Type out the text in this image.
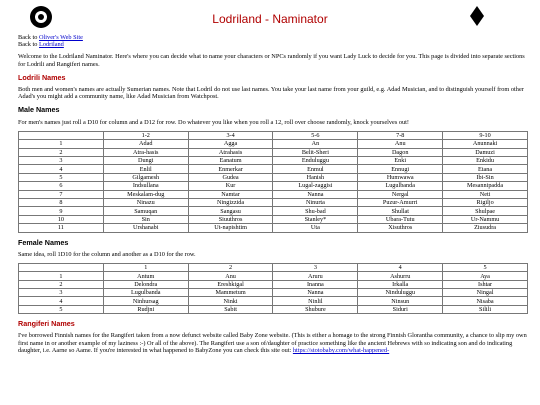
Lodriland - Naminator

Back to Oliver's Web Site

Back to Lodriland

Welcome to the Lodriland Naminator. Here's where you can decide what to name your characters or NPCs randomly if you want Lady Luck to decide for you. This page is divided into separate sections for Lodrili and Rangiferi names.

Lodrili Names

Both men and women's names are actually Sumerian names. Note that Lodril do not use last names. You take your last name from your guild, e.g. Adad Musician, and to distinguish yourself from other Adad's you might add a community name, like Adad Musician from Watchpost.

Male Names

For men's names just roll a D10 for column and a D12 for row. Do whatever you like when you roll a 12, roll over choose randomly, knock yourselves out!

	1-2	3-4	5-6	7-8	9-10
1	Adad	Agga	An	Anu	Anunnaki
2	Atra-hasis	Atrahasis	Belit-Sheri	Dagon	Damuzi
3	Dungi	Eanatum	Enduluggu	Enki	Enkidu
4	Enlil	Enmerkar	Enmul	Ennugi	Etana
5	Gilgamesh	Gudea	Hanish	Humwawa	Ibi-Sin
6	Indsullana	Kur	Lugal-zaggisi	Lugulbanda	Mesannipadda
7	Meskalam-dug	Namtar	Nanna	Nergal	Neti
8	Ninazu	Ningizzida	Ninurta	Puzur-Amurri	Rigiljo
9	Samuqan	Sangasu	Shu-bad	Shullat	Shulpae
10	Sin	Siuuthros	Stanley*	Ubara-Tutu	Ur-Nammu
11	Urshanabi	Ut-napishtim	Uta	Xisuthros	Ziusudra
Female Names

Same idea, roll 1D10 for the column and another as a D10 for the row.

	1	2	3	4	5
1	Antum	Anu	Aruru	Ashurru	Aya
2	Delondra	Ereshkigal	Inanna	Irkalla	Ishtar
3	Lugulbanda	Mammetum	Nanna	Ninduluggu	Ningal
4	Ninhursag	Ninki	Ninlil	Ninsun	Nisaba
5	Rudjni	Sabit	Shubure	Siduri	Silili
Rangiferi Names

I've borrowed Finnish names for the Rangiferi taken from a now defunct website called Baby Zone website. (This is either a homage to the strong Finnish Glorantha community, a chance to slip my own first name in or another example of my laziness :-) Or all of the above). The Rangiferi use a son of/daughter of practice something like the ancient Hebrews with so indicating son and do indicating daughter, i.e. Aarne so Aame. If you're interested in what happened to BabyZone you can check this site out: https://stotobaby.com/what-happened-
